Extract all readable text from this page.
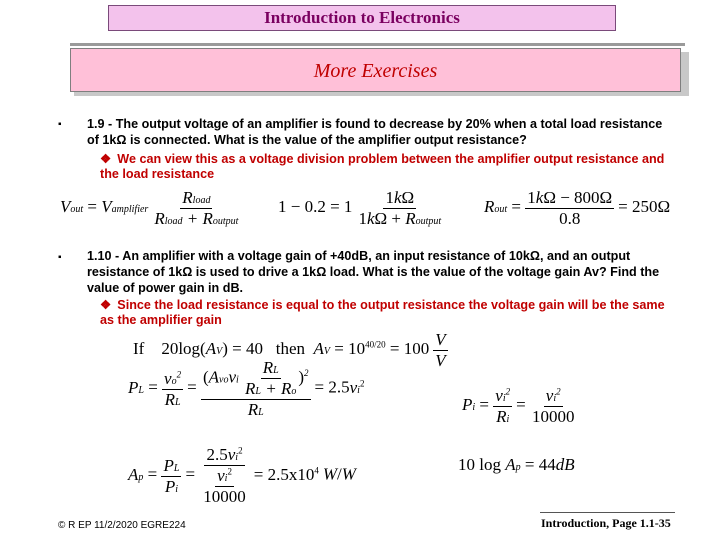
Introduction to Electronics
More Exercises
▪ 1.9 - The output voltage of an amplifier is found to decrease by 20% when a total load resistance of 1kΩ is connected. What is the value of the amplifier output resistance?
❖ We can view this as a voltage division problem between the amplifier output resistance and the load resistance
Vout = Vamplifier $\frac{\text{Rload}}{\text{Rload + Routput}} 1 - 0.2 = 1 \frac{1k\Omega}{\text{1kΩ + Routput}}$ Rout = $\frac{1k\Omega - 800\Omega}{0.8} = 250\Omega$
▪ 1.10 - An amplifier with a voltage gain of +40dB, an input resistance of 10kΩ, and an output resistance of 1kΩ is used to drive a 1kΩ load. What is the value of the voltage gain Av? Find the value of power gain in dB.
❖ Since the load resistance is equal to the output resistance the voltage gain will be the same as the amplifier gain
If    20log(AV) = 40   then  AV = $10^{40/20} = 100 \frac{V}{V}$
PL = $\frac{vo^2}{RL} = \frac{(Avovi \frac{RL}{RL + Ro} )^2}{RL} = 2.5vi^2$
$Pi = \frac{vi^2}{Ri} = \frac{vi^2}{10000}$
$Ap = \frac{PL}{Pi} = \frac{2.5vi^2}{\frac{vi^2}{10000}} = 2.5x10^4$ W/W
10 log Ap = 44dB
© R EP 11/2/2020 EGRE224	Introduction, Page 1.1-35
